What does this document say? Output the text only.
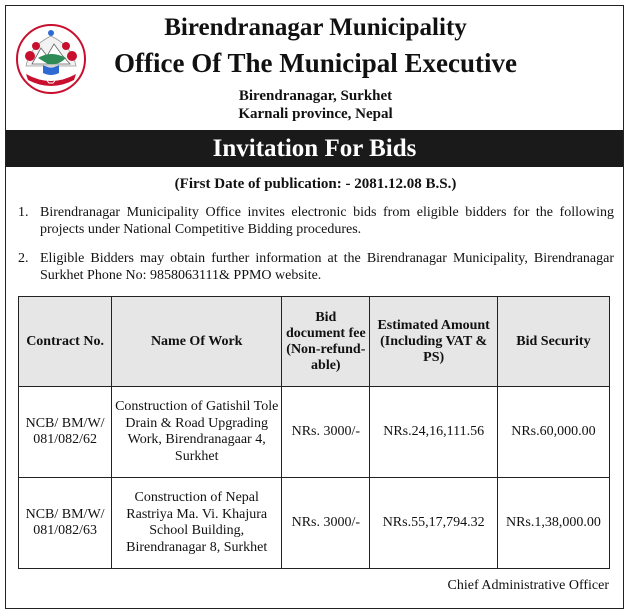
Birendranagar Municipality
Office Of The Municipal Executive
Birendranagar, Surkhet
Karnali province, Nepal
Invitation For Bids
(First Date of publication: - 2081.12.08 B.S.)
1. Birendranagar Municipality Office invites electronic bids from eligible bidders for the following projects under National Competitive Bidding procedures.
2. Eligible Bidders may obtain further information at the Birendranagar Municipality, Birendranagar Surkhet Phone No: 9858063111& PPMO website.
Contract No.	Name Of Work	Bid document fee (Non-refund-able)	Estimated Amount (Including VAT & PS)	Bid Security
NCB/ BM/W/ 081/082/62	Construction of Gatishil Tole Drain & Road Upgrading Work, Birendranagaar 4, Surkhet	NRs. 3000/-	NRs.24,16,111.56	NRs.60,000.00
NCB/ BM/W/ 081/082/63	Construction of Nepal Rastriya Ma. Vi. Khajura School Building, Birendranagar 8, Surkhet	NRs. 3000/-	NRs.55,17,794.32	NRs.1,38,000.00
Chief Administrative Officer
